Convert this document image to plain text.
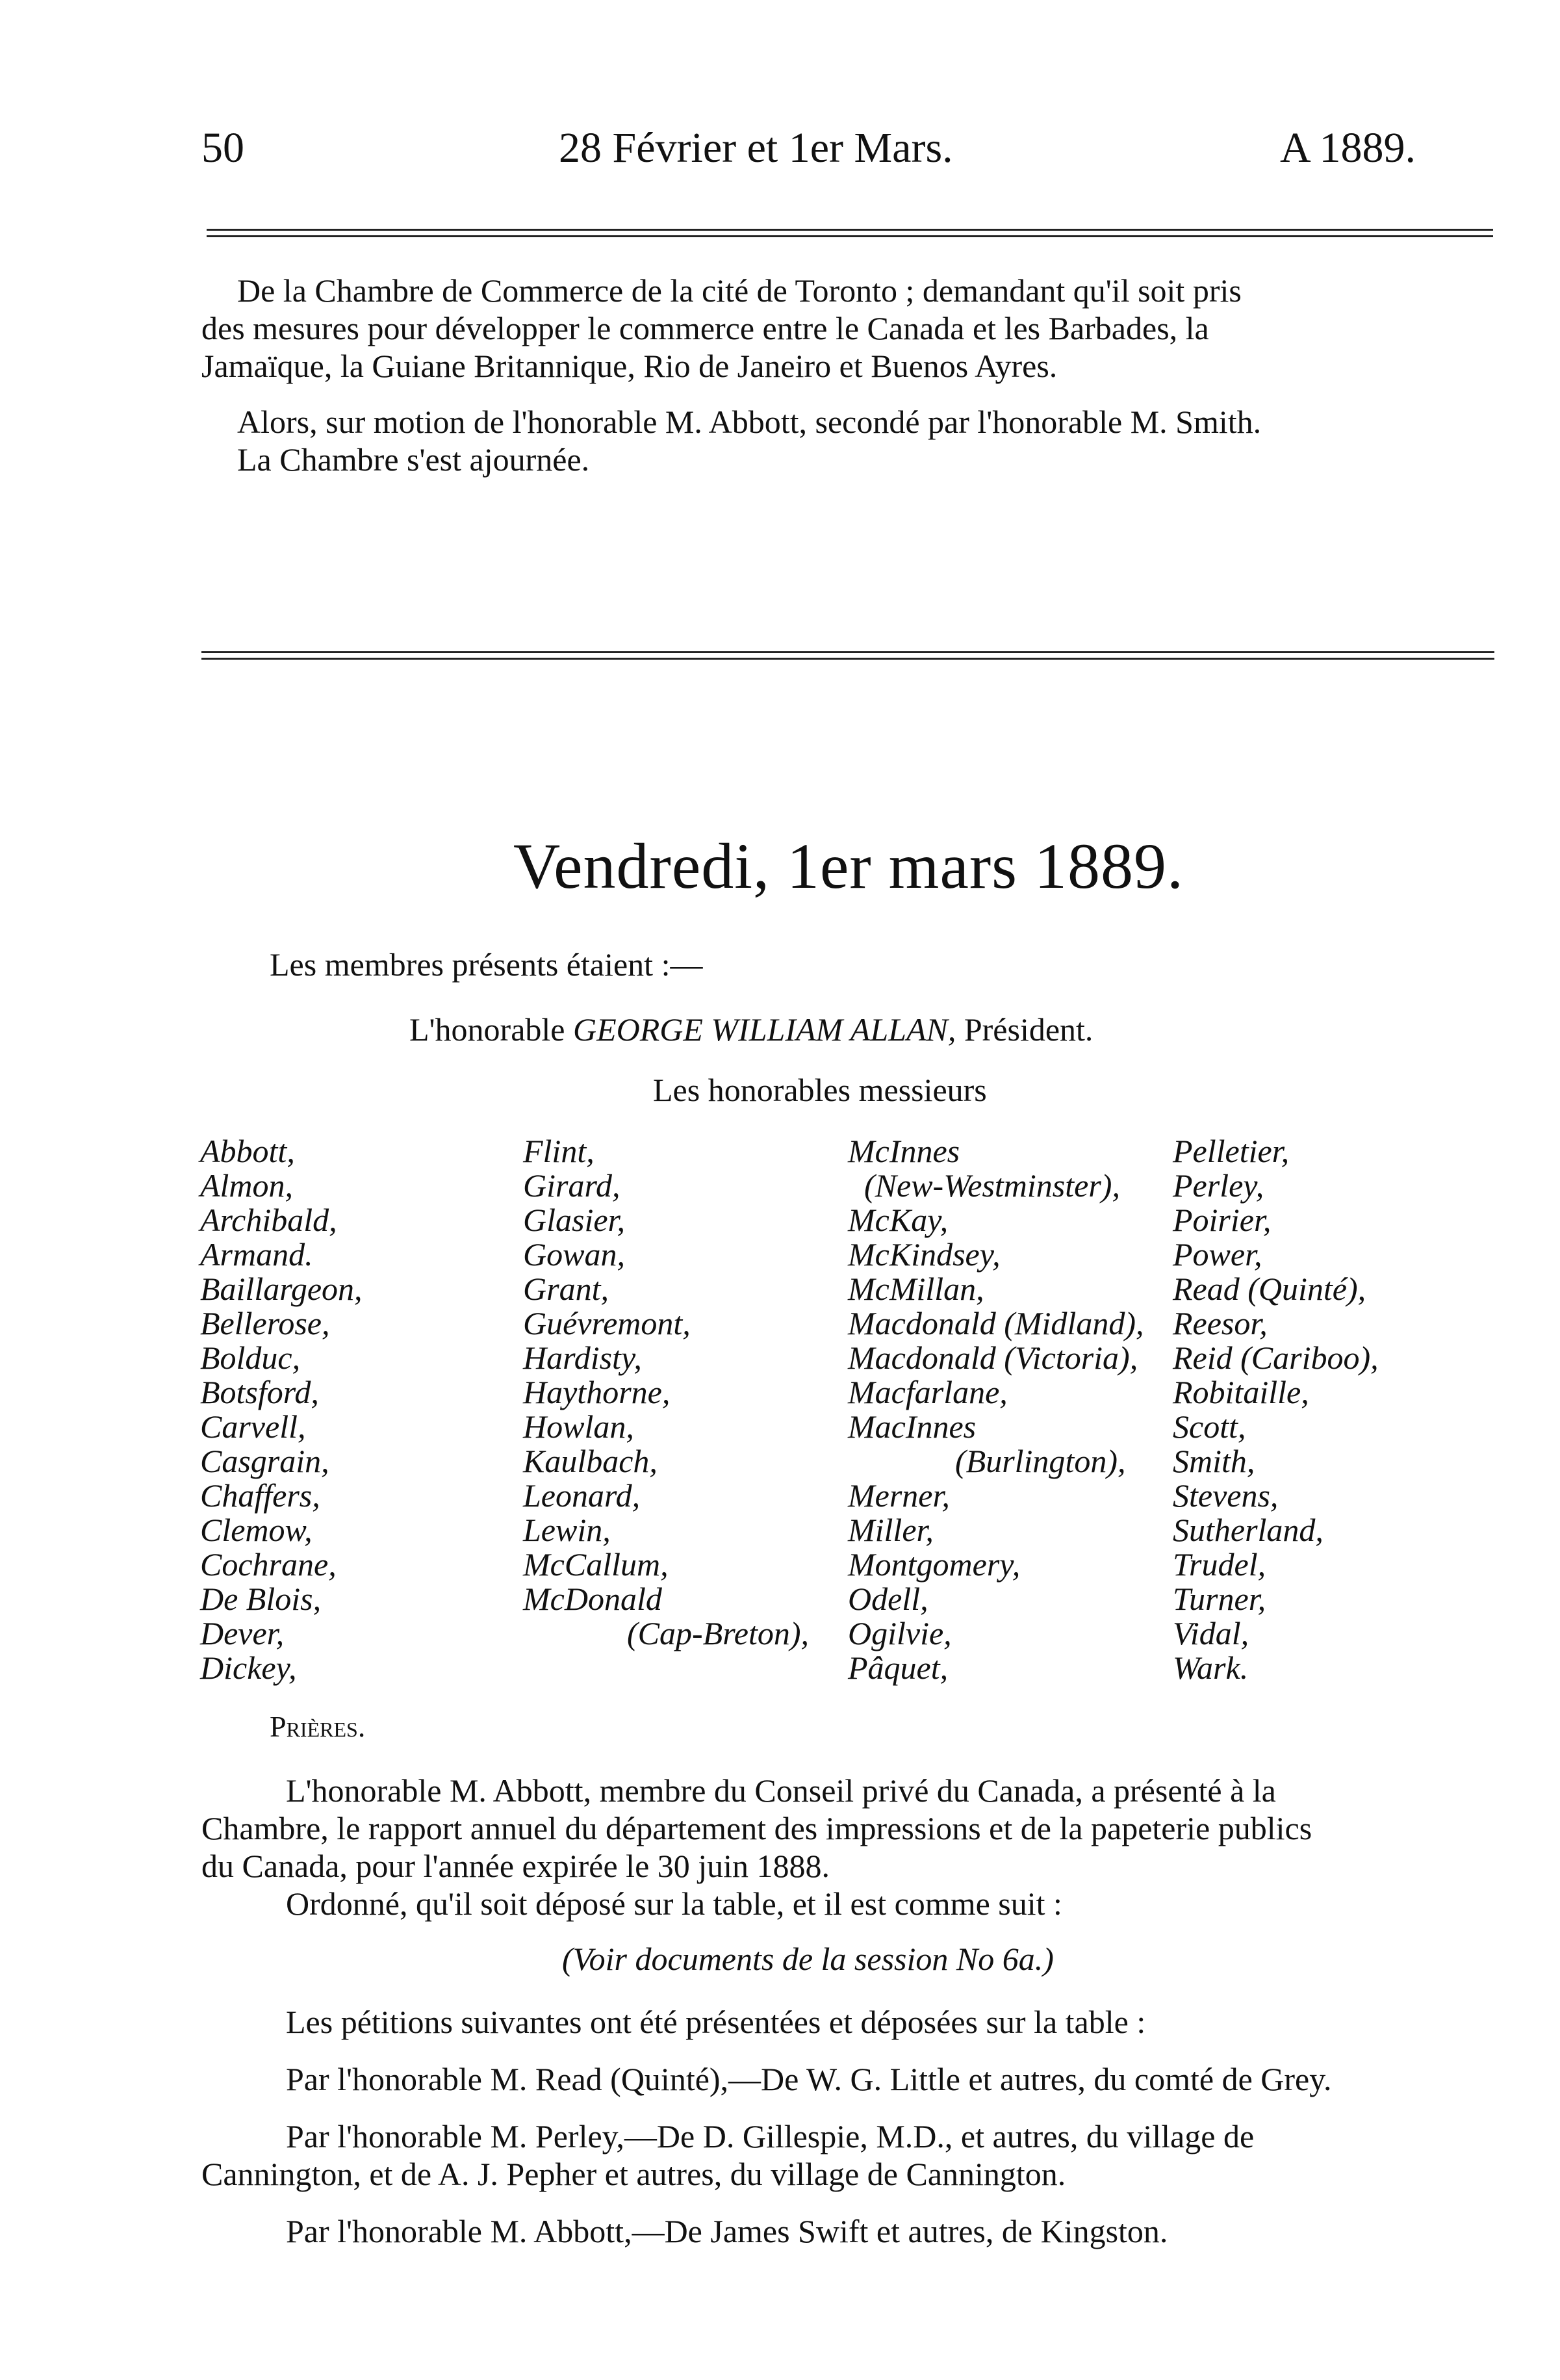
50	28 Février et 1er Mars.	A 1889.
De la Chambre de Commerce de la cité de Toronto ; demandant qu'il soit pris
des mesures pour développer le commerce entre le Canada et les Barbades, la
Jamaïque, la Guiane Britannique, Rio de Janeiro et Buenos Ayres.
Alors, sur motion de l'honorable M. Abbott, secondé par l'honorable M. Smith.
La Chambre s'est ajournée.
Vendredi, 1er mars 1889.
Les membres présents étaient :—
L'honorable GEORGE WILLIAM ALLAN, Président.
Les honorables messieurs
Abbott,
Almon,
Archibald,
Armand.
Baillargeon,
Bellerose,
Bolduc,
Botsford,
Carvell,
Casgrain,
Chaffers,
Clemow,
Cochrane,
De Blois,
Dever,
Dickey,
Flint,
Girard,
Glasier,
Gowan,
Grant,
Guévremont,
Hardisty,
Haythorne,
Howlan,
Kaulbach,
Leonard,
Lewin,
McCallum,
McDonald
(Cap-Breton),
McInnes
(New-Westminster),
McKay,
McKindsey,
McMillan,
Macdonald (Midland),
Macdonald (Victoria),
Macfarlane,
MacInnes
(Burlington),
Merner,
Miller,
Montgomery,
Odell,
Ogilvie,
Pâquet,
Pelletier,
Perley,
Poirier,
Power,
Read (Quinté),
Reesor,
Reid (Cariboo),
Robitaille,
Scott,
Smith,
Stevens,
Sutherland,
Trudel,
Turner,
Vidal,
Wark.
Prières.
L'honorable M. Abbott, membre du Conseil privé du Canada, a présenté à la
Chambre, le rapport annuel du département des impressions et de la papeterie publics
du Canada, pour l'année expirée le 30 juin 1888.
Ordonné, qu'il soit déposé sur la table, et il est comme suit :
(Voir documents de la session No 6a.)
Les pétitions suivantes ont été présentées et déposées sur la table :
Par l'honorable M. Read (Quinté),—De W. G. Little et autres, du comté de Grey.
Par l'honorable M. Perley,—De D. Gillespie, M.D., et autres, du village de
Cannington, et de A. J. Pepher et autres, du village de Cannington.
Par l'honorable M. Abbott,—De James Swift et autres, de Kingston.
